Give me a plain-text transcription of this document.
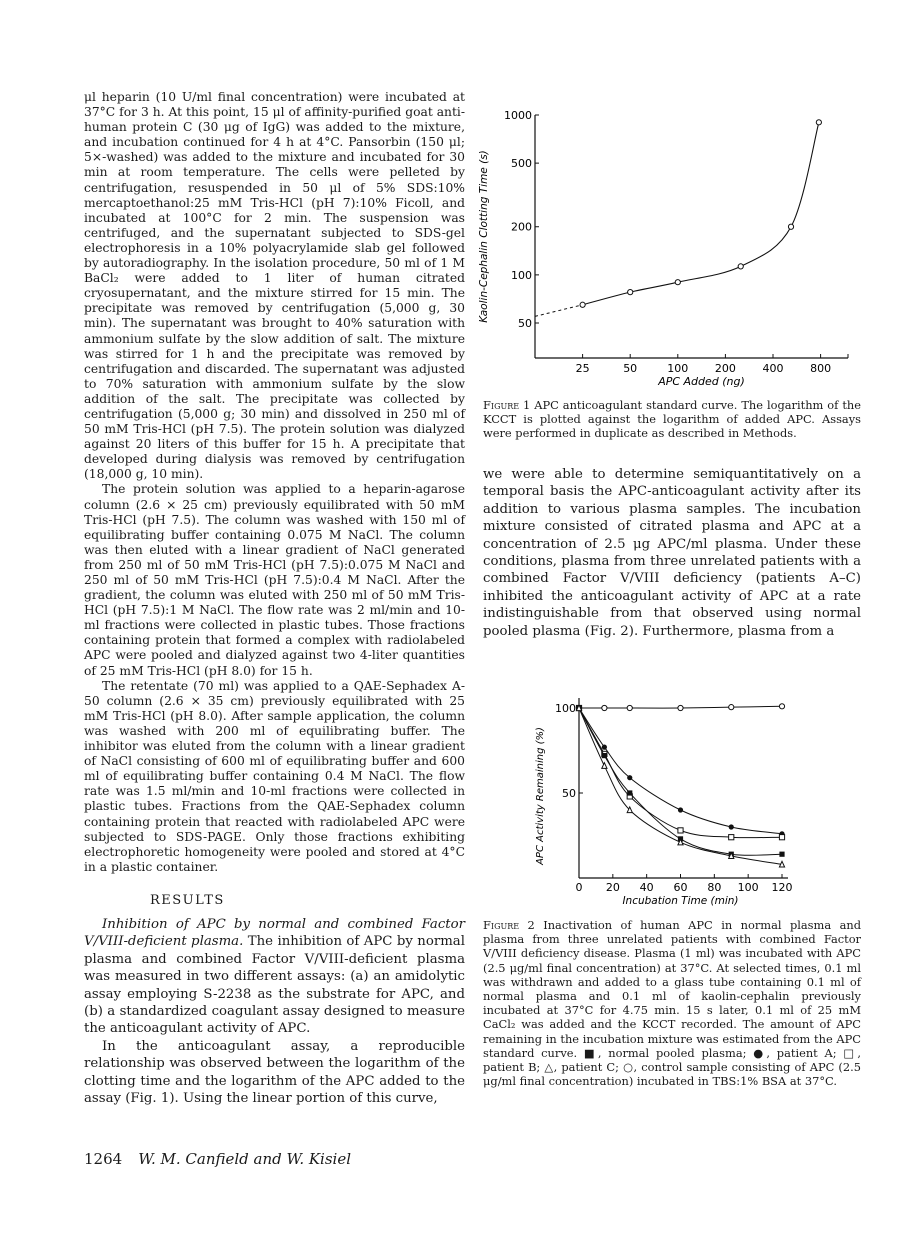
μl heparin (10 U/ml final concentration) were incubated at 37°C for 3 h. At this point, 15 μl of affinity-purified goat anti-human protein C (30 μg of IgG) was added to the mixture, and incubation continued for 4 h at 4°C. Pansorbin (150 μl; 5×-washed) was added to the mixture and incubated for 30 min at room temperature. The cells were pelleted by centrifugation, resuspended in 50 μl of 5% SDS:10% mercaptoethanol:25 mM Tris-HCl (pH 7):10% Ficoll, and incubated at 100°C for 2 min. The suspension was centrifuged, and the supernatant subjected to SDS-gel electrophoresis in a 10% polyacrylamide slab gel followed by autoradiography. In the isolation procedure, 50 ml of 1 M BaCl₂ were added to 1 liter of human citrated cryosupernatant, and the mixture stirred for 15 min. The precipitate was removed by centrifugation (5,000 g, 30 min). The supernatant was brought to 40% saturation with ammonium sulfate by the slow addition of salt. The mixture was stirred for 1 h and the precipitate was removed by centrifugation and discarded. The supernatant was adjusted to 70% saturation with ammonium sulfate by the slow addition of the salt. The precipitate was collected by centrifugation (5,000 g; 30 min) and dissolved in 250 ml of 50 mM Tris-HCl (pH 7.5). The protein solution was dialyzed against 20 liters of this buffer for 15 h. A precipitate that developed during dialysis was removed by centrifugation (18,000 g, 10 min).

The protein solution was applied to a heparin-agarose column (2.6 × 25 cm) previously equilibrated with 50 mM Tris-HCl (pH 7.5). The column was washed with 150 ml of equilibrating buffer containing 0.075 M NaCl. The column was then eluted with a linear gradient of NaCl generated from 250 ml of 50 mM Tris-HCl (pH 7.5):0.075 M NaCl and 250 ml of 50 mM Tris-HCl (pH 7.5):0.4 M NaCl. After the gradient, the column was eluted with 250 ml of 50 mM Tris-HCl (pH 7.5):1 M NaCl. The flow rate was 2 ml/min and 10-ml fractions were collected in plastic tubes. Those fractions containing protein that formed a complex with radiolabeled APC were pooled and dialyzed against two 4-liter quantities of 25 mM Tris-HCl (pH 8.0) for 15 h.

The retentate (70 ml) was applied to a QAE-Sephadex A-50 column (2.6 × 35 cm) previously equilibrated with 25 mM Tris-HCl (pH 8.0). After sample application, the column was washed with 200 ml of equilibrating buffer. The inhibitor was eluted from the column with a linear gradient of NaCl consisting of 600 ml of equilibrating buffer and 600 ml of equilibrating buffer containing 0.4 M NaCl. The flow rate was 1.5 ml/min and 10-ml fractions were collected in plastic tubes. Fractions from the QAE-Sephadex column containing protein that reacted with radiolabeled APC were subjected to SDS-PAGE. Only those fractions exhibiting electrophoretic homogeneity were pooled and stored at 4°C in a plastic container.

RESULTS

Inhibition of APC by normal and combined Factor V/VIII-deficient plasma. The inhibition of APC by normal plasma and combined Factor V/VIII-deficient plasma was measured in two different assays: (a) an amidolytic assay employing S-2238 as the substrate for APC, and (b) a standardized coagulant assay designed to measure the anticoagulant activity of APC.

In the anticoagulant assay, a reproducible relationship was observed between the logarithm of the clotting time and the logarithm of the APC added to the assay (Fig. 1). Using the linear portion of this curve,

50
100
200
500
1000
25	50	100 200 400 800
APC Added (ng)
Kaolin-Cephalin Clotting Time (s)
Figure 1 APC anticoagulant standard curve. The logarithm of the KCCT is plotted against the logarithm of added APC. Assays were performed in duplicate as described in Methods.
we were able to determine semiquantitatively on a temporal basis the APC-anticoagulant activity after its addition to various plasma samples. The incubation mixture consisted of citrated plasma and APC at a concentration of 2.5 μg APC/ml plasma. Under these conditions, plasma from three unrelated patients with a combined Factor V/VIII deficiency (patients A–C) inhibited the anticoagulant activity of APC at a rate indistinguishable from that observed using normal pooled plasma (Fig. 2). Furthermore, plasma from a
50
100
0 20 40 60 80 100 120
Incubation Time (min)
APC Activity Remaining (%)
Figure 2 Inactivation of human APC in normal plasma and plasma from three unrelated patients with combined Factor V/VIII deficiency disease. Plasma (1 ml) was incubated with APC (2.5 μg/ml final concentration) at 37°C. At selected times, 0.1 ml was withdrawn and added to a glass tube containing 0.1 ml of normal plasma and 0.1 ml of kaolin-cephalin previously incubated at 37°C for 4.75 min. 15 s later, 0.1 ml of 25 mM CaCl₂ was added and the KCCT recorded. The amount of APC remaining in the incubation mixture was estimated from the APC standard curve. ■, normal pooled plasma; ●, patient A; □, patient B; △, patient C; ○, control sample consisting of APC (2.5 μg/ml final concentration) incubated in TBS:1% BSA at 37°C.
1264 W. M. Canfield and W. Kisiel
